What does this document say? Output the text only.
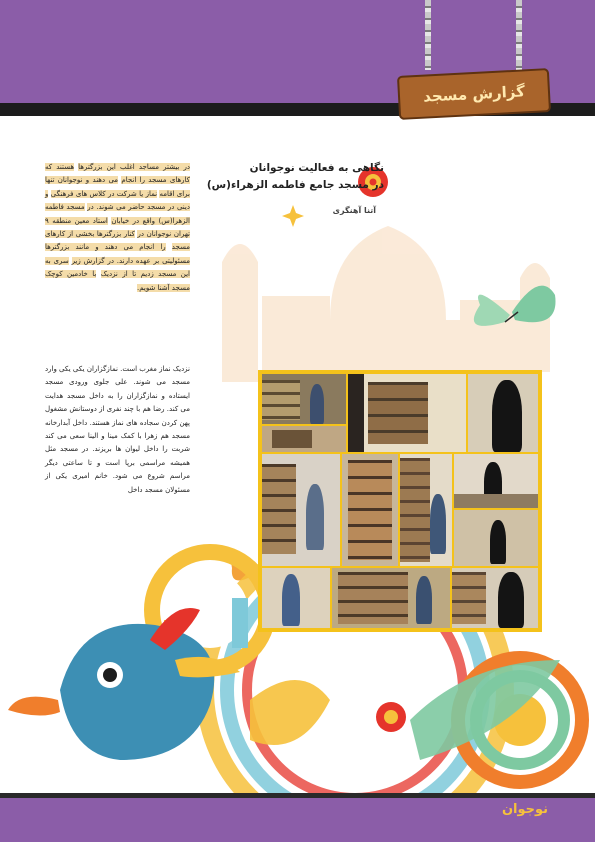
گزارش مسجد
نگاهی به فعالیت نوجوانان
در مسجد جامع فاطمه الزهراء(س)
آتنا آهنگری
در بیشتر مساجد اغلب این بزرگترها هستند که کارهای مسجد را انجام می دهند و نوجوانان تنها برای اقامه نماز یا شرکت در کلاس های فرهنگی و دینی در مسجد حاضر می شوند. در مسجد فاطمه الزهرا(س) واقع در خیابان استاد معین منطقه ۹ تهران نوجوانان در کنار بزرگترها بخشی از کارهای مسجد را انجام می دهند و مانند بزرگترها مسئولیتی بر عهده دارند. در گزارش زیر سری به این مسجد زدیم تا از نزدیک با خادمین کوچک مسجد آشنا شویم.
نزدیک نماز مغرب است. نمازگزاران یکی یکی وارد مسجد می شوند. علی جلوی ورودی مسجد ایستاده و نمازگزاران را به داخل مسجد هدایت می کند. رضا هم با چند نفری از دوستانش مشغول پهن کردن سجاده های نماز هستند. داخل آبدارخانه مسجد هم زهرا با کمک مینا و الینا سعی می کند شربت را داخل لیوان ها بریزند. در مسجد مثل همیشه مراسمی برپا است و تا ساعتی دیگر مراسم شروع می شود. خانم امیری یکی از مسئولان مسجد داخل
نوجوان
